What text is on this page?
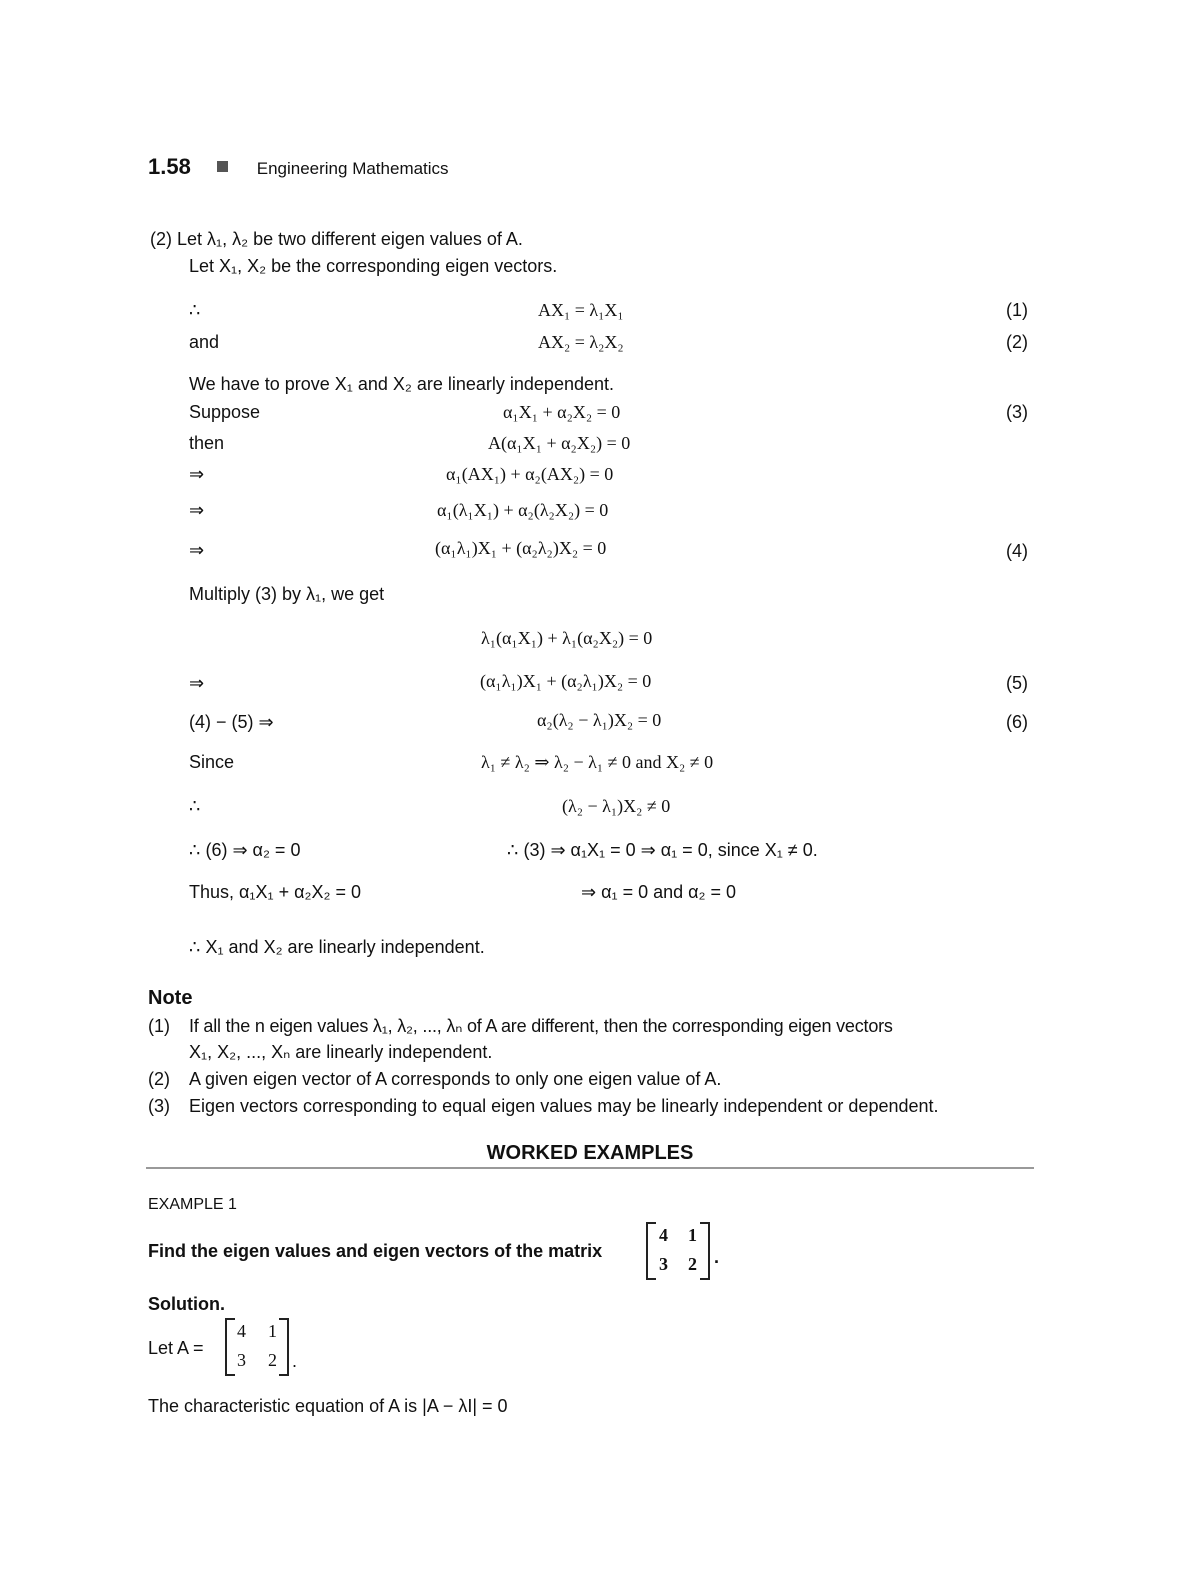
1.58	Engineering Mathematics
(2) Let λ₁, λ₂ be two different eigen values of A.
Let X₁, X₂ be the corresponding eigen vectors.
∴	AX₁ = λ₁X₁	(1)
and	AX₂ = λ₂X₂	(2)
We have to prove X₁ and X₂ are linearly independent.
Suppose	α₁X₁ + α₂X₂ = 0	(3)
then	A(α₁X₁ + α₂X₂) = 0
⇒	α₁(AX₁) + α₂(AX₂) = 0
⇒	α₁(λ₁X₁) + α₂(λ₂X₂) = 0
⇒	(α₁λ₁)X₁ + (α₂λ₂)X₂ = 0	(4)
Multiply (3) by λ₁, we get
λ₁(α₁X₁) + λ₁(α₂X₂) = 0
⇒	(α₁λ₁)X₁ + (α₂λ₁)X₂ = 0	(5)
(4) − (5) ⇒	α₂(λ₂ − λ₁)X₂ = 0	(6)
Since	λ₁ ≠ λ₂ ⇒ λ₂ − λ₁ ≠ 0 and X₂ ≠ 0
∴	(λ₂ − λ₁)X₂ ≠ 0
∴ (6) ⇒ α₂ = 0	∴ (3) ⇒ α₁X₁ = 0 ⇒ α₁ = 0, since X₁ ≠ 0.
Thus, α₁X₁ + α₂X₂ = 0	⇒ α₁ = 0 and α₂ = 0
∴ X₁ and X₂ are linearly independent.
Note
(1) If all the n eigen values λ₁, λ₂, ..., λₙ of A are different, then the corresponding eigen vectors
X₁, X₂, ..., Xₙ are linearly independent.
(2) A given eigen vector of A corresponds to only one eigen value of A.
(3) Eigen vectors corresponding to equal eigen values may be linearly independent or dependent.
WORKED EXAMPLES
EXAMPLE 1
Find the eigen values and eigen vectors of the matrix
4 1
3 2 .
Solution.
Let A =
4 1
3 2 .
The characteristic equation of A is |A − λI| = 0
